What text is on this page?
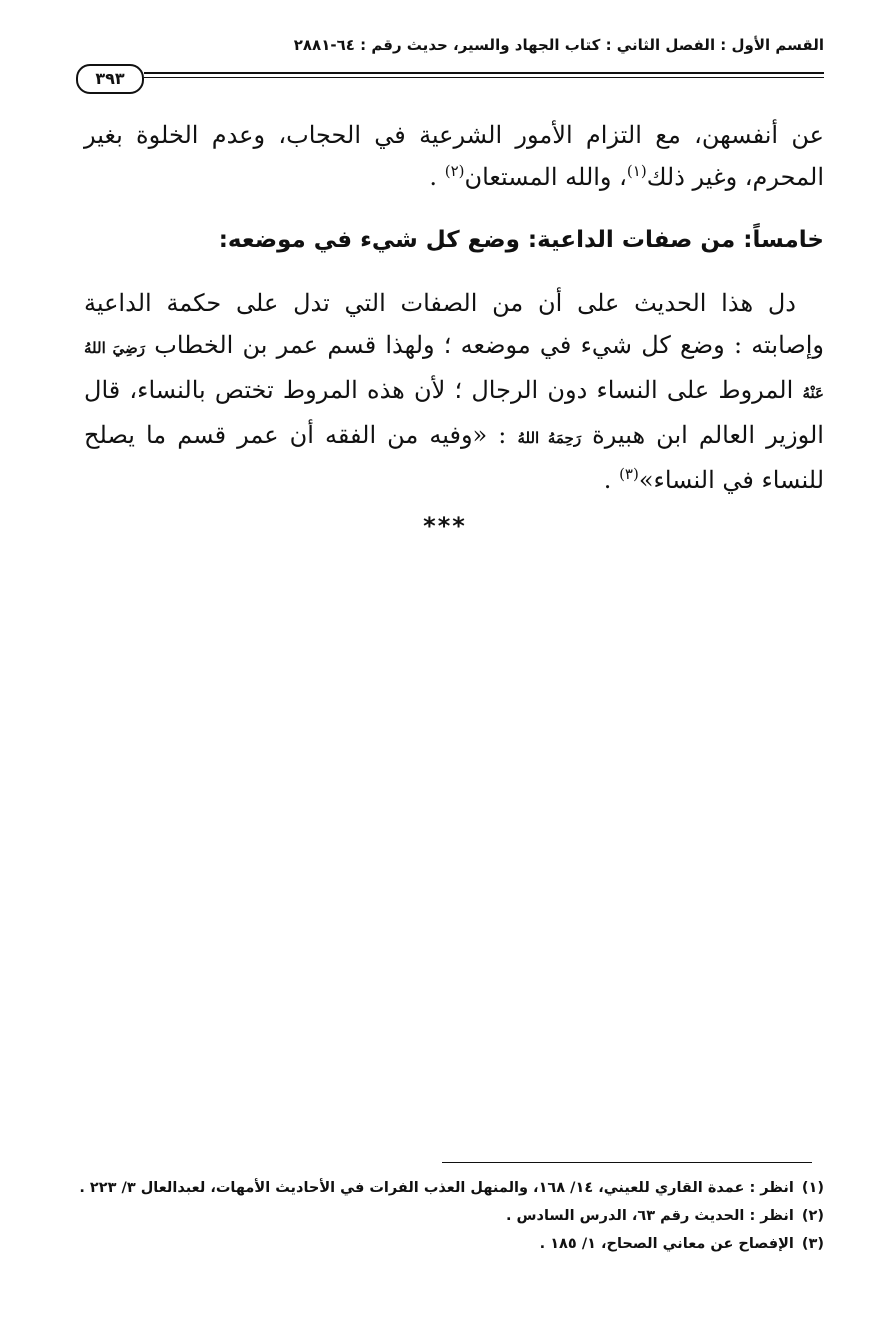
القسم الأول : الفصل الثاني : كتاب الجهاد والسير، حديث رقم : ٦٤-٢٨٨١
٣٩٣
عن أنفسهن، مع التزام الأمور الشرعية في الحجاب، وعدم الخلوة بغير المحرم، وغير ذلك$^{(١)}$، والله المستعان$^{(٢)}$ .
خامساً: من صفات الداعية: وضع كل شيء في موضعه:

دل هذا الحديث على أن من الصفات التي تدل على حكمة الداعية وإصابته : وضع كل شيء في موضعه ؛ ولهذا قسم عمر بن الخطاب رَضِيَ اللهُ عَنْهُ المروط على النساء دون الرجال ؛ لأن هذه المروط تختص بالنساء، قال الوزير العالم ابن هبيرة رَحِمَهُ اللهُ : «وفيه من الفقه أن عمر قسم ما يصلح للنساء في النساء»$^{(٣)}$ .

***
(١)
انظر : عمدة القاري للعيني، ١٤/ ١٦٨، والمنهل العذب الفرات في الأحاديث الأمهات، لعبدالعال ٣/ ٢٢٣ .
(٢)
انظر : الحديث رقم ٦٣، الدرس السادس .
(٣)
الإفصاح عن معاني الصحاح، ١/ ١٨٥ .
